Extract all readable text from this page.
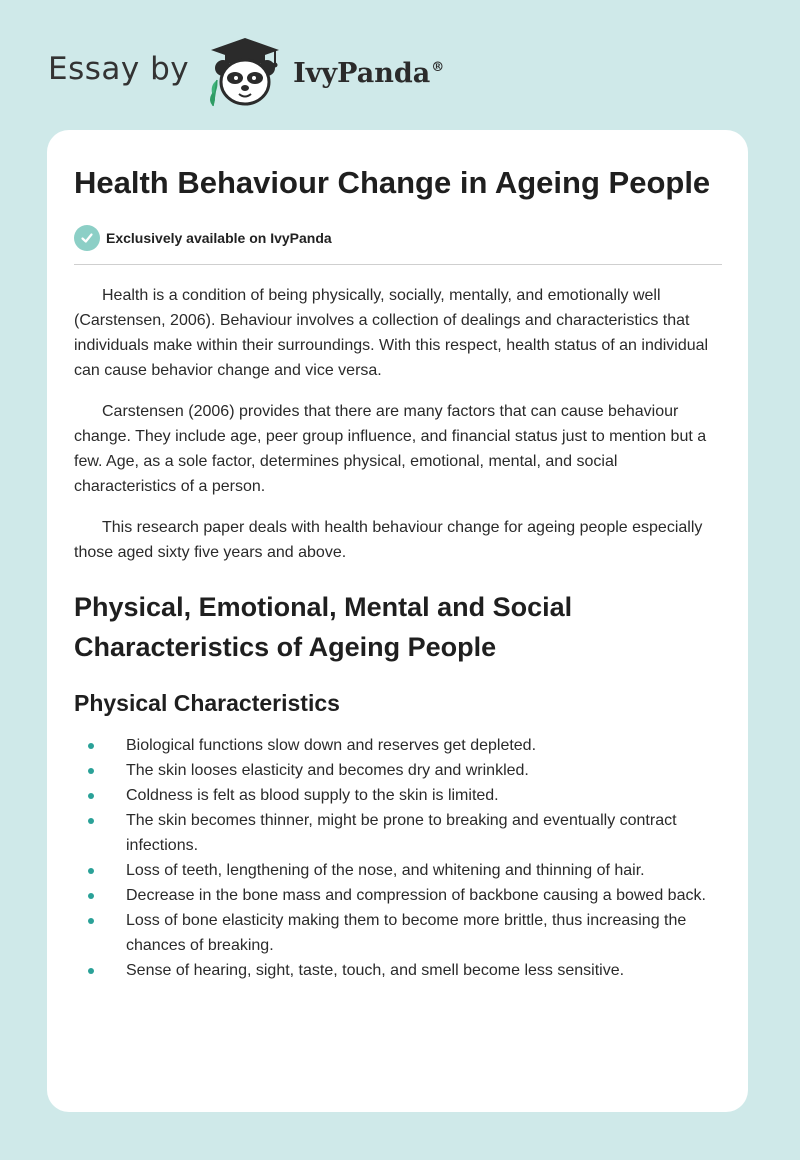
Essay by	IvyPanda®
Health Behaviour Change in Ageing People
Exclusively available on IvyPanda

Health is a condition of being physically, socially, mentally, and emotionally well (Carstensen, 2006). Behaviour involves a collection of dealings and characteristics that individuals make within their surroundings. With this respect, health status of an individual can cause behavior change and vice versa.

Carstensen (2006) provides that there are many factors that can cause behaviour change. They include age, peer group influence, and financial status just to mention but a few. Age, as a sole factor, determines physical, emotional, mental, and social characteristics of a person.

This research paper deals with health behaviour change for ageing people especially those aged sixty five years and above.

Physical, Emotional, Mental and Social Characteristics of Ageing People
Physical Characteristics
Biological functions slow down and reserves get depleted.
The skin looses elasticity and becomes dry and wrinkled.
Coldness is felt as blood supply to the skin is limited.
The skin becomes thinner, might be prone to breaking and eventually contract infections.
Loss of teeth, lengthening of the nose, and whitening and thinning of hair.
Decrease in the bone mass and compression of backbone causing a bowed back.
Loss of bone elasticity making them to become more brittle, thus increasing the chances of breaking.
Sense of hearing, sight, taste, touch, and smell become less sensitive.
